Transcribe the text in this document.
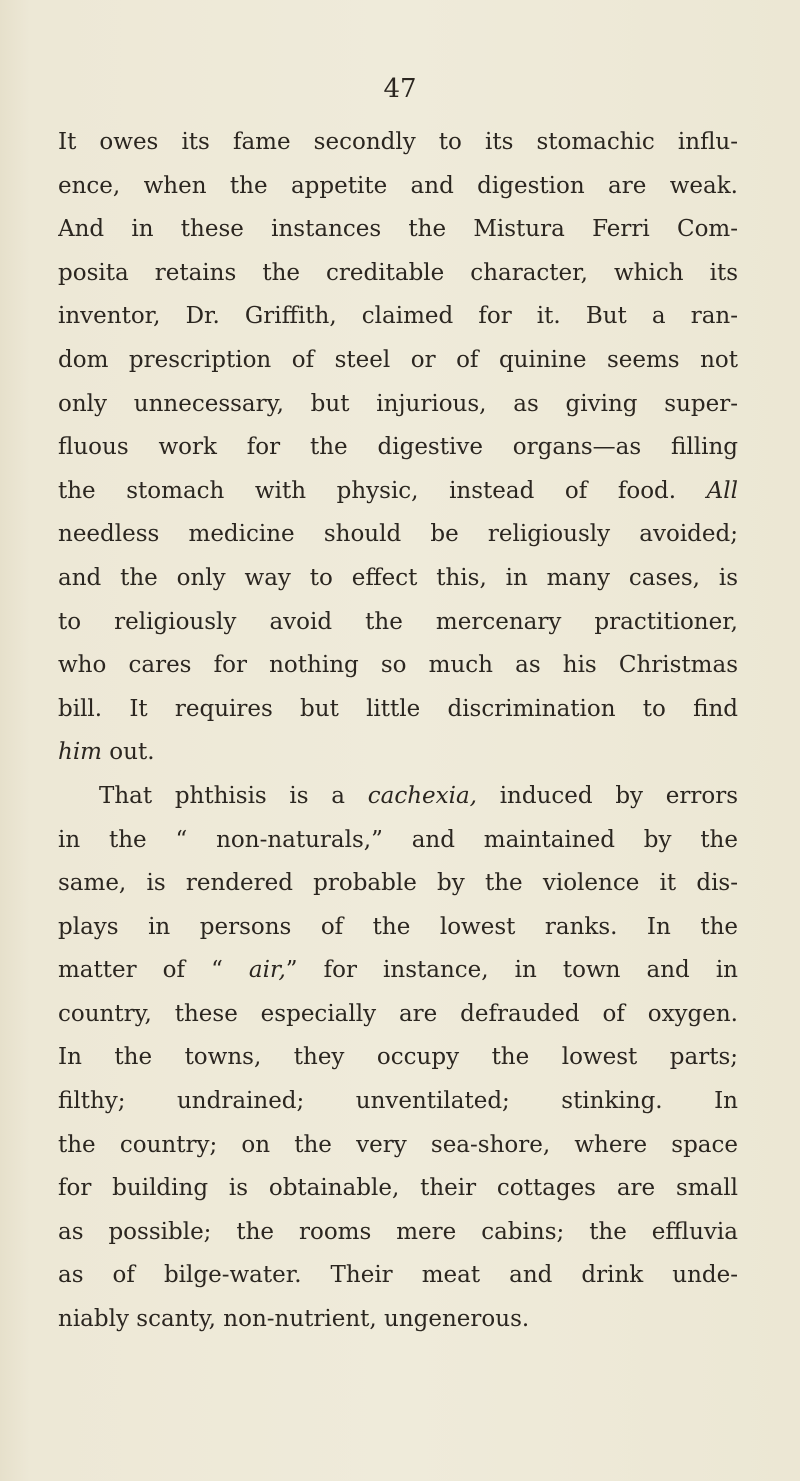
47
It owes its fame secondly to its stomachic influ-
ence, when the appetite and digestion are weak.
And in these instances the Mistura Ferri Com-
posita retains the creditable character, which its
inventor, Dr. Griffith, claimed for it. But a ran-
dom prescription of steel or of quinine seems not
only unnecessary, but injurious, as giving super-
fluous work for the digestive organs—as filling
the stomach with physic, instead of food. All
needless medicine should be religiously avoided;
and the only way to effect this, in many cases, is
to religiously avoid the mercenary practitioner,
who cares for nothing so much as his Christmas
bill. It requires but little discrimination to find
him out.
That phthisis is a cachexia, induced by errors
in the “ non-naturals,” and maintained by the
same, is rendered probable by the violence it dis-
plays in persons of the lowest ranks. In the
matter of “ air,” for instance, in town and in
country, these especially are defrauded of oxygen.
In the towns, they occupy the lowest parts;
filthy; undrained; unventilated; stinking. In
the country; on the very sea-shore, where space
for building is obtainable, their cottages are small
as possible; the rooms mere cabins; the effluvia
as of bilge-water. Their meat and drink unde-
niably scanty, non-nutrient, ungenerous.
